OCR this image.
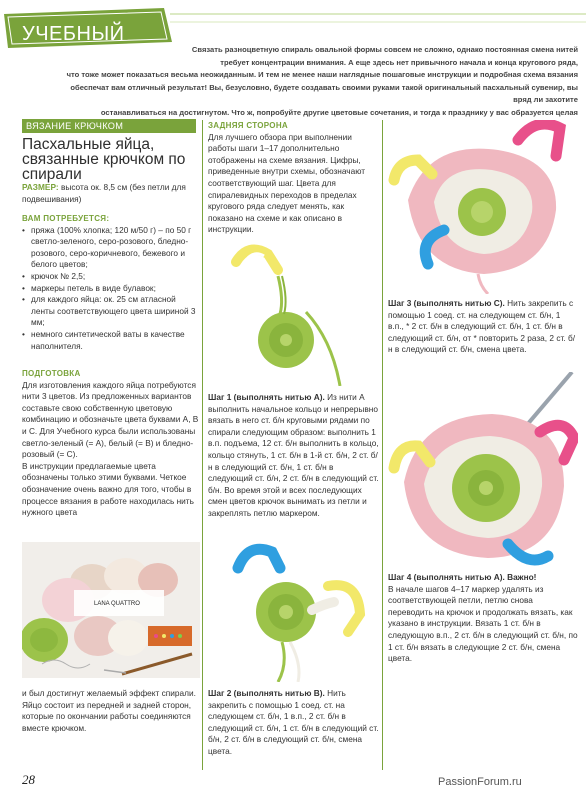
УЧЕБНЫЙ КУРС	Связать разноцветную спираль овальной формы совсем не сложно, однако постоянная смена нитей
требует концентрации внимания. А еще здесь нет привычного начала и конца кругового ряда,
что тоже может показаться весьма неожиданным. И тем не менее наши наглядные пошаговые инструкции и подробная схема вязания
обеспечат вам отличный результат! Вы, безусловно, будете создавать своими руками такой оригинальный пасхальный сувенир, вы вряд ли захотите
останавливаться на достигнутом. Что ж, попробуйте другие цветовые сочетания, и тогда к празднику у вас образуется целая
ВЯЗАНИЕ КРЮЧКОМ
Пасхальные яйца, связанные крючком по спирали
РАЗМЕР: высота ок. 8,5 см (без петли для подвешивания)
ВАМ ПОТРЕБУЕТСЯ:
• пряжа (100% хлопка; 120 м/50 г) – по 50 г светло-зеленого, серо-розового, бледно-розового, серо-коричневого, бежевого и белого цветов;
• крючок № 2,5;
• маркеры петель в виде булавок;
• для каждого яйца: ок. 25 см атласной ленты соответствующего цвета шириной 3 мм;
• немного синтетической ваты в качестве наполнителя.
ПОДГОТОВКА
Для изготовления каждого яйца потребуются нити 3 цветов. Из предложенных вариантов составьте свою собственную цветовую комбинацию и обозначьте цвета буквами А, В и С. Для Учебного курса были использованы светло-зеленый (= А), белый (= В) и бледно-розовый (= С).
В инструкции предлагаемые цвета обозначены только этими буквами. Четкое обозначение очень важно для того, чтобы в процессе вязания в работе находилась нить нужного цвета
LANA QUATTRO
и был достигнут желаемый эффект спирали. Яйцо состоит из передней и задней сторон, которые по окончании работы соединяются вместе крючком.
ЗАДНЯЯ СТОРОНА
Для лучшего обзора при выполнении работы шаги 1–17 дополнительно отображены на схеме вязания. Цифры, приведенные внутри схемы, обозначают соответствующий шаг. Цвета для спиралевидных переходов в пределах кругового ряда следует менять, как показано на схеме и как описано в инструкции.
Шаг 1 (выполнять нитью А). Из нити А выполнить начальное кольцо и непрерывно вязать в него ст. б/н круговыми рядами по спирали следующим образом: выполнить 1 в.п. подъема, 12 ст. б/н выполнить в кольцо, кольцо стянуть, 1 ст. б/н в 1-й ст. б/н, 2 ст. б/н в следующий ст. б/н, 1 ст. б/н в следующий ст. б/н, 2 ст. б/н в следующий ст. б/н. Во время этой и всех последующих смен цветов крючок вынимать из петли и закреплять петлю маркером.
Шаг 2 (выполнять нитью В). Нить закрепить с помощью 1 соед. ст. на следующем ст. б/н, 1 в.п., 2 ст. б/н в следующий ст. б/н, 1 ст. б/н в следующий ст. б/н, 2 ст. б/н в следующий ст. б/н, смена цвета.
Шаг 3 (выполнять нитью С). Нить закрепить с помощью 1 соед. ст. на следующем ст. б/н, 1 в.п., * 2 ст. б/н в следующий ст. б/н, 1 ст. б/н в следующий ст. б/н, от * повторить 2 раза, 2 ст. б/н в следующий ст. б/н, смена цвета.
Шаг 4 (выполнять нитью А). Важно!
В начале шагов 4–17 маркер удалять из соответствующей петли, петлю снова переводить на крючок и продолжать вязать, как указано в инструкции. Вязать 1 ст. б/н в следующую в.п., 2 ст. б/н в следующий ст. б/н, по 1 ст. б/н вязать в следующие 2 ст. б/н, смена цвета.
28	PassionForum.ru
